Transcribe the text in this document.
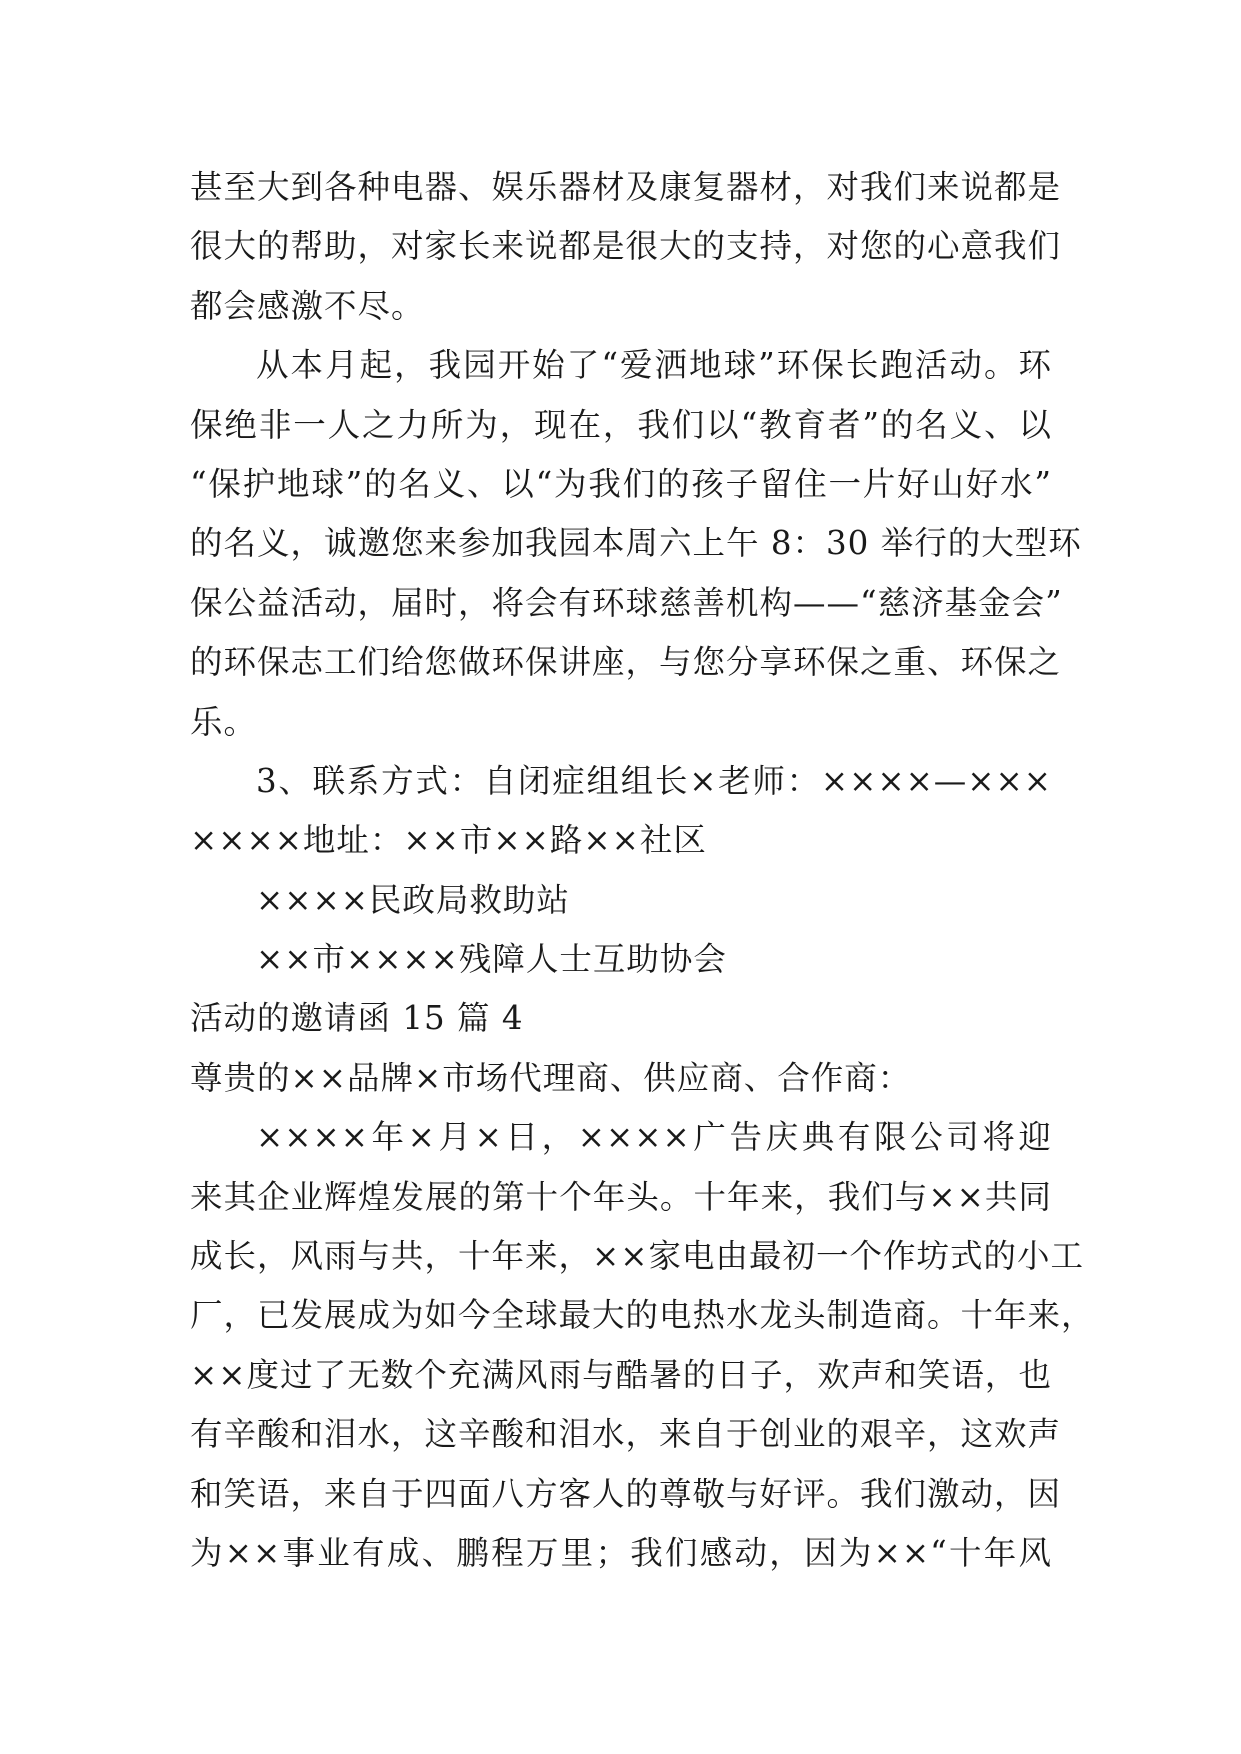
甚至大到各种电器、娱乐器材及康复器材，对我们来说都是
很大的帮助，对家长来说都是很大的支持，对您的心意我们
都会感激不尽。
从本月起，我园开始了“爱洒地球”环保长跑活动。环
保绝非一人之力所为，现在，我们以“教育者”的名义、以
“保护地球”的名义、以“为我们的孩子留住一片好山好水”
的名义，诚邀您来参加我园本周六上午 8：30 举行的大型环
保公益活动，届时，将会有环球慈善机构——“慈济基金会”
的环保志工们给您做环保讲座，与您分享环保之重、环保之
乐。
3、联系方式：自闭症组组长×老师：××××—×××
××××地址：××市××路××社区
××××民政局救助站
××市××××残障人士互助协会
活动的邀请函 15 篇 4
尊贵的××品牌×市场代理商、供应商、合作商：
××××年×月×日，××××广告庆典有限公司将迎
来其企业辉煌发展的第十个年头。十年来，我们与××共同
成长，风雨与共，十年来，××家电由最初一个作坊式的小工
厂，已发展成为如今全球最大的电热水龙头制造商。十年来，
××度过了无数个充满风雨与酷暑的日子，欢声和笑语，也
有辛酸和泪水，这辛酸和泪水，来自于创业的艰辛，这欢声
和笑语，来自于四面八方客人的尊敬与好评。我们激动，因
为××事业有成、鹏程万里；我们感动，因为××“十年风
